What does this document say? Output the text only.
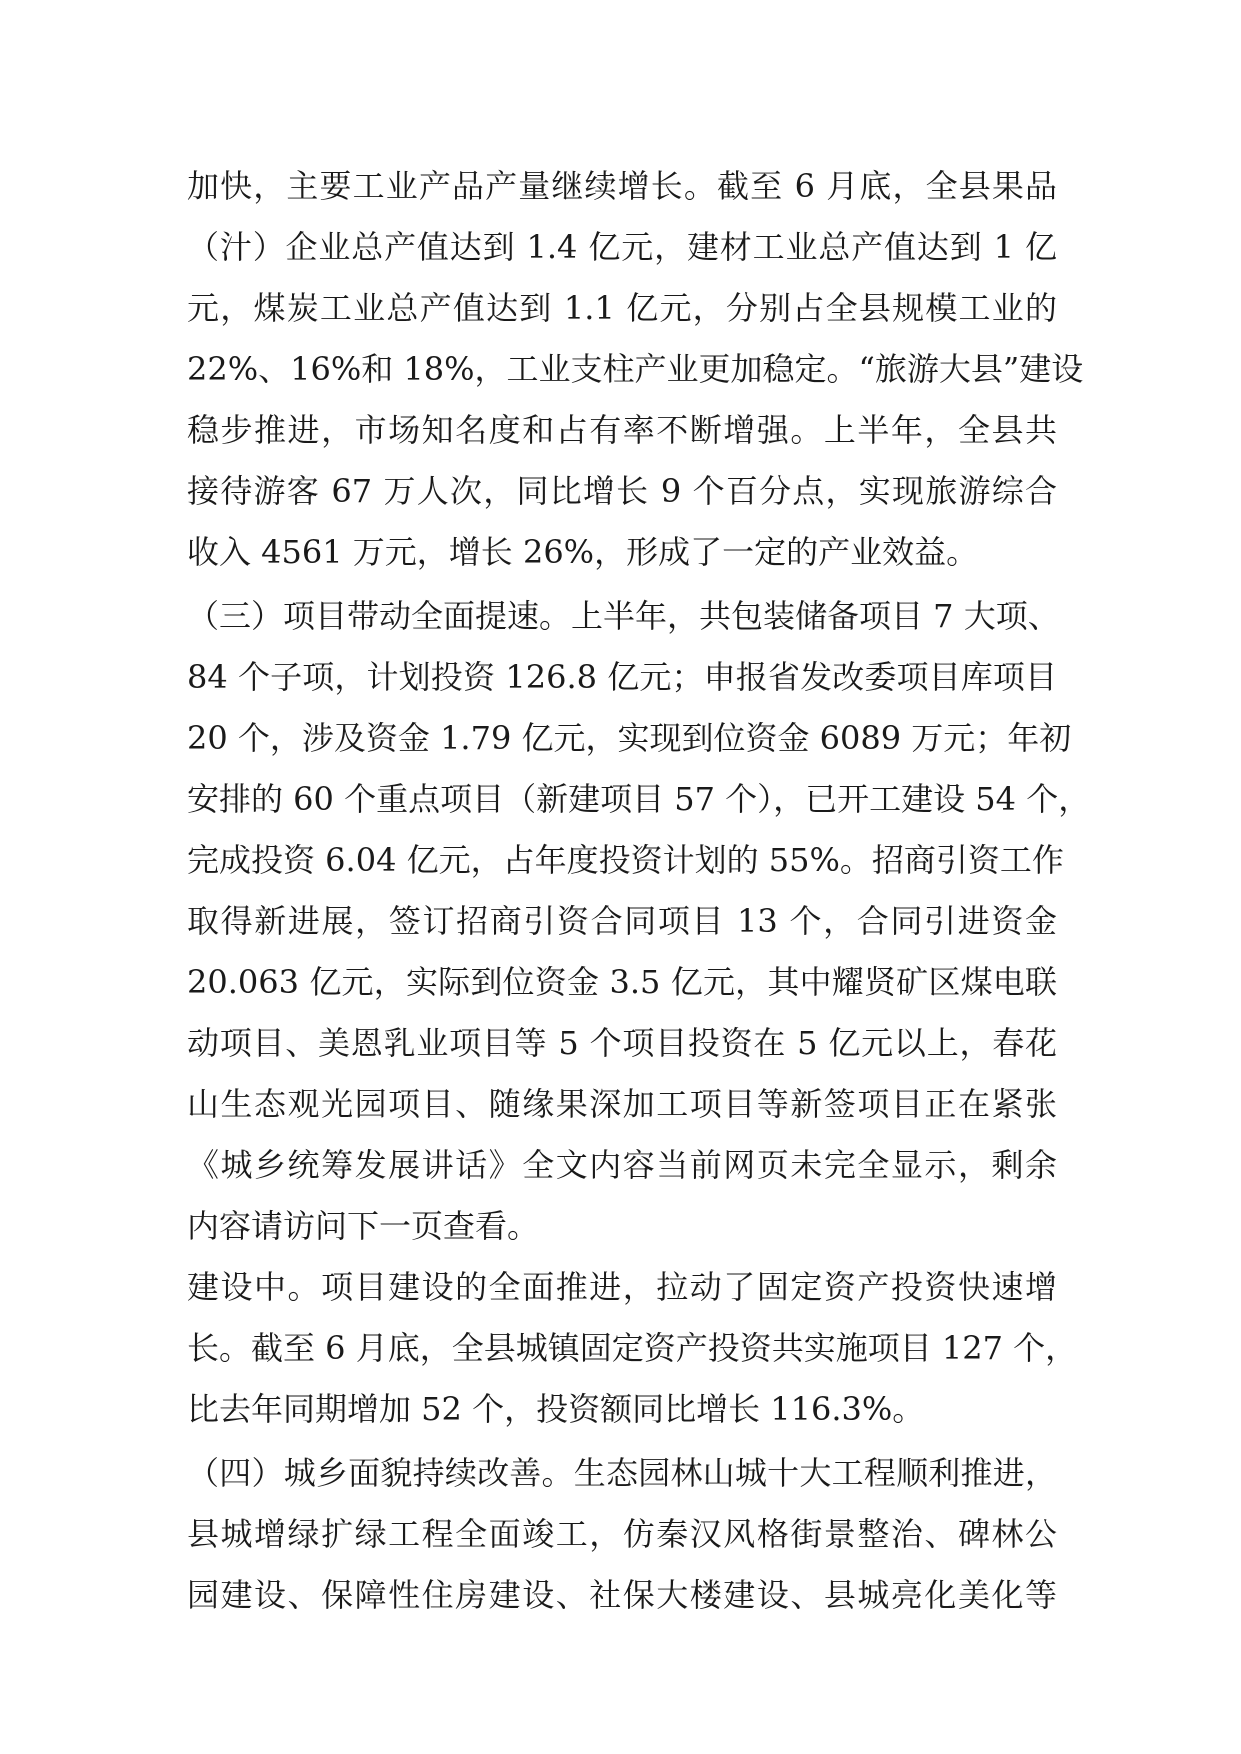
加快，主要工业产品产量继续增长。截至 6 月底，全县果品
（汁）企业总产值达到 1.4 亿元，建材工业总产值达到 1 亿
元，煤炭工业总产值达到 1.1 亿元，分别占全县规模工业的
22%、16%和 18%，工业支柱产业更加稳定。“旅游大县”建设
稳步推进，市场知名度和占有率不断增强。上半年，全县共
接待游客 67 万人次，同比增长 9 个百分点，实现旅游综合
收入 4561 万元，增长 26%，形成了一定的产业效益。
（三）项目带动全面提速。上半年，共包装储备项目 7 大项、
84 个子项，计划投资 126.8 亿元；申报省发改委项目库项目
20 个，涉及资金 1.79 亿元，实现到位资金 6089 万元；年初
安排的 60 个重点项目（新建项目 57 个），已开工建设 54 个，
完成投资 6.04 亿元，占年度投资计划的 55%。招商引资工作
取得新进展，签订招商引资合同项目 13 个，合同引进资金
20.063 亿元，实际到位资金 3.5 亿元，其中耀贤矿区煤电联
动项目、美恩乳业项目等 5 个项目投资在 5 亿元以上，春花
山生态观光园项目、随缘果深加工项目等新签项目正在紧张
《城乡统筹发展讲话》全文内容当前网页未完全显示，剩余
内容请访问下一页查看。
建设中。项目建设的全面推进，拉动了固定资产投资快速增
长。截至 6 月底，全县城镇固定资产投资共实施项目 127 个，
比去年同期增加 52 个，投资额同比增长 116.3%。
（四）城乡面貌持续改善。生态园林山城十大工程顺利推进，
县城增绿扩绿工程全面竣工，仿秦汉风格街景整治、碑林公
园建设、保障性住房建设、社保大楼建设、县城亮化美化等
